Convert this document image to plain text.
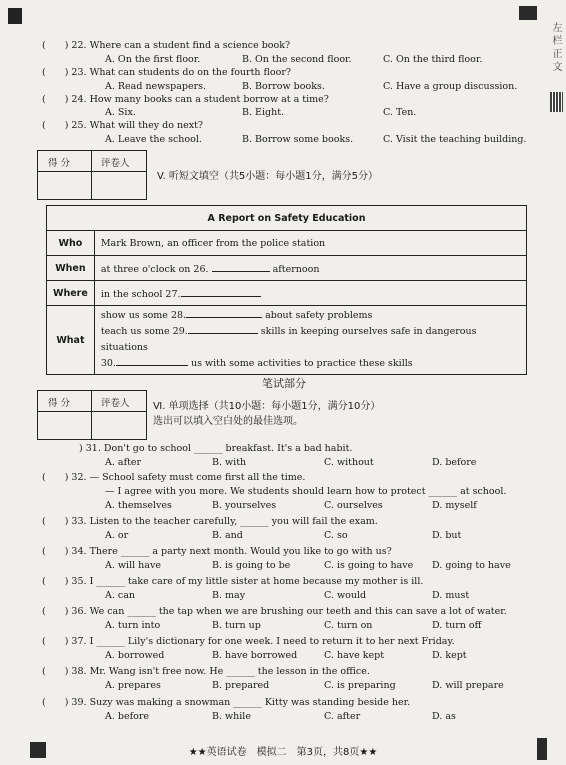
左栏正文
(　　) 22. Where can a student find a science book?
A. On the first floor.	B. On the second floor.	C. On the third floor.
(　　) 23. What can students do on the fourth floor?
A. Read newspapers.	B. Borrow books.	C. Have a group discussion.
(　　) 24. How many books can a student borrow at a time?
A. Six.	B. Eight.	C. Ten.
(　　) 25. What will they do next?
A. Leave the school.	B. Borrow some books.	C. Visit the teaching building.
得 分	评卷人
V. 听短文填空（共5小题：每小题1分，满分5分）
A Report on Safety Education	
Who	Mark Brown, an officer from the police station
When	at three o'clock on 26. afternoon
Where	in the school 27.
What	show us some 28. about safety problems
teach us some 29. skills in keeping ourselves safe in dangerous situations
30. us with some activities to practice these skills
笔试部分
得 分	评卷人 Ⅵ. 单项选择（共10小题：每小题1分，满分10分）
选出可以填入空白处的最佳选项。
　　) 31. Don't go to school ______ breakfast. It's a bad habit.
A. after	B. with	C. without	D. before
(　　) 32. — School safety must come first all the time.
— I agree with you more. We students should learn how to protect ______ at school.
A. themselves	B. yourselves	C. ourselves	D. myself
(　　) 33. Listen to the teacher carefully, ______ you will fail the exam.
A. or	B. and	C. so	D. but
(　　) 34. There ______ a party next month. Would you like to go with us?
A. will have	B. is going to be	C. is going to have D. going to have
(　　) 35. I ______ take care of my little sister at home because my mother is ill.
A. can	B. may	C. would	D. must
(　　) 36. We can ______ the tap when we are brushing our teeth and this can save a lot of water.
A. turn into	B. turn up	C. turn on	D. turn off
(　　) 37. I ______ Lily's dictionary for one week. I need to return it to her next Friday.
A. borrowed	B. have borrowed	C. have kept	D. kept
(　　) 38. Mr. Wang isn't free now. He ______ the lesson in the office.
A. prepares	B. prepared	C. is preparing	D. will prepare
(　　) 39. Suzy was making a snowman ______ Kitty was standing beside her.
A. before	B. while	C. after	D. as
★★英语试卷　模拟二　第3页，共8页★★
